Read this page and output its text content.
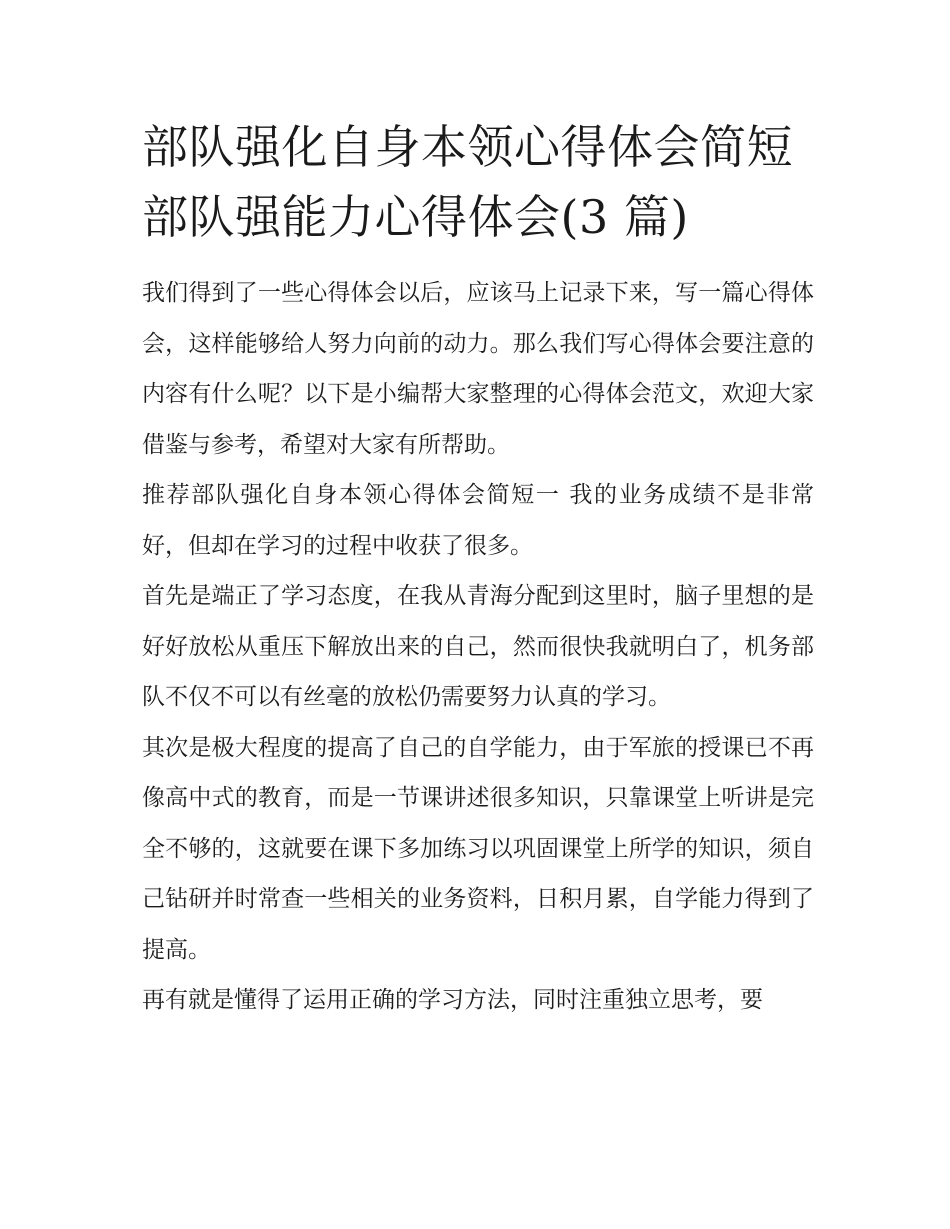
部队强化自身本领心得体会简短 部队强能力心得体会(3 篇)

我们得到了一些心得体会以后，应该马上记录下来，写一篇心得体会，这样能够给人努力向前的动力。那么我们写心得体会要注意的内容有什么呢？以下是小编帮大家整理的心得体会范文，欢迎大家借鉴与参考，希望对大家有所帮助。

推荐部队强化自身本领心得体会简短一 我的业务成绩不是非常好，但却在学习的过程中收获了很多。

首先是端正了学习态度，在我从青海分配到这里时，脑子里想的是好好放松从重压下解放出来的自己，然而很快我就明白了，机务部队不仅不可以有丝毫的放松仍需要努力认真的学习。

其次是极大程度的提高了自己的自学能力，由于军旅的授课已不再像高中式的教育，而是一节课讲述很多知识，只靠课堂上听讲是完全不够的，这就要在课下多加练习以巩固课堂上所学的知识，须自己钻研并时常查一些相关的业务资料，日积月累，自学能力得到了提高。

再有就是懂得了运用正确的学习方法，同时注重独立思考，要
